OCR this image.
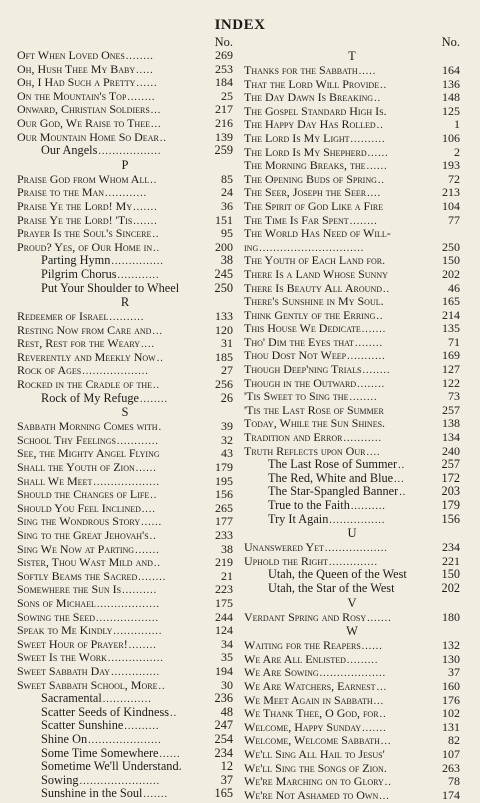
INDEX
No.
Oft When Loved Ones ........	269
Oh, Hush Thee My Baby .....	253
Oh, I Had Such a Pretty ......	184
On the Mountain's Top ........	25
Onward, Christian Soldiers ...	217
Our God, We Raise to Thee ...	216
Our Mountain Home So Dear ..	139
Our Angels ..................	259
P
Praise God from Whom All ..	85
Praise to the Man ............	24
Praise Ye the Lord! My .......	36
Praise Ye the Lord! 'Tis .......	151
Prayer Is the Soul's Sincere ..	95
Proud? Yes, of Our Home in ..	200
Parting Hymn ...............	38
Pilgrim Chorus ............	245
Put Your Shoulder to Wheel	250
R
Redeemer of Israel ..........	133
Resting Now from Care and ...	120
Rest, Rest for the Weary ....	31
Reverently and Meekly Now ..	185
Rock of Ages ...................	27
Rocked in the Cradle of the ..	256
Rock of My Refuge ........	26
S
Sabbath Morning Comes with .	39
School Thy Feelings ............	32
See, the Mighty Angel Flying	43
Shall the Youth of Zion ......	179
Shall We Meet ...................	195
Should the Changes of Life ..	156
Should You Feel Inclined ....	265
Sing the Wondrous Story ......	177
Sing to the Great Jehovah's ..	233
Sing We Now at Parting .......	38
Sister, Thou Wast Mild and ..	219
Softly Beams the Sacred ........	21
Somewhere the Sun Is ..........	223
Sons of Michael ..................	175
Sowing the Seed ..................	244
Speak to Me Kindly ..............	124
Sweet Hour of Prayer! ........	34
Sweet Is the Work ................	35
Sweet Sabbath Day ..............	194
Sweet Sabbath School, More ..	30
Sacramental ..............	236
Scatter Seeds of Kindness ..	48
Scatter Sunshine ..........	247
Shine On .....................	254
Some Time Somewhere ......	234
Sometime We'll Understand.	12
Sowing .......................	37
Sunshine in the Soul .......	165
No.
T
Thanks for the Sabbath .....	164
That the Lord Will Provide ..	136
The Day Dawn Is Breaking ..	148
The Gospel Standard High Is.	125
The Happy Day Has Rolled ..	1
The Lord Is My Light ..........	106
The Lord Is My Shepherd ......	2
The Morning Breaks, the ......	193
The Opening Buds of Spring ..	72
The Seer, Joseph the Seer ....	213
The Spirit of God Like a Fire	104
The Time Is Far Spent ........	77
The World Has Need of Will-
ing ..............................	250
The Youth of Each Land for.	150
There Is a Land Whose Sunny	202
There Is Beauty All Around ..	46
There's Sunshine in My Soul.	165
Think Gently of the Erring ..	214
This House We Dedicate .......	135
Tho' Dim the Eyes that ........	71
Thou Dost Not Weep ...........	169
Though Deep'ning Trials ........	127
Though in the Outward ........	122
'Tis Sweet to Sing the ........	73
'Tis the Last Rose of Summer	257
Today, While the Sun Shines.	138
Tradition and Error ...........	134
Truth Reflects upon Our ....	240
The Last Rose of Summer ..	257
The Red, White and Blue ...	172
The Star-Spangled Banner ..	203
True to the Faith ..........	179
Try It Again ................	156
U
Unanswered Yet ..................	234
Uphold the Right ..............	221
Utah, the Queen of the West	150
Utah, the Star of the West	202
V
Verdant Spring and Rosy .......	180
W
Waiting for the Reapers ......	132
We Are All Enlisted .........	130
We Are Sowing ...................	37
We Are Watchers, Earnest ...	160
We Meet Again in Sabbath ...	176
We Thank Thee, O God, for ..	102
Welcome, Happy Sunday .......	131
Welcome, Welcome Sabbath ...	82
We'll Sing All Hail to Jesus'	107
We'll Sing the Songs of Zion.	263
We're Marching on to Glory ..	78
We're Not Ashamed to Own ...	174
